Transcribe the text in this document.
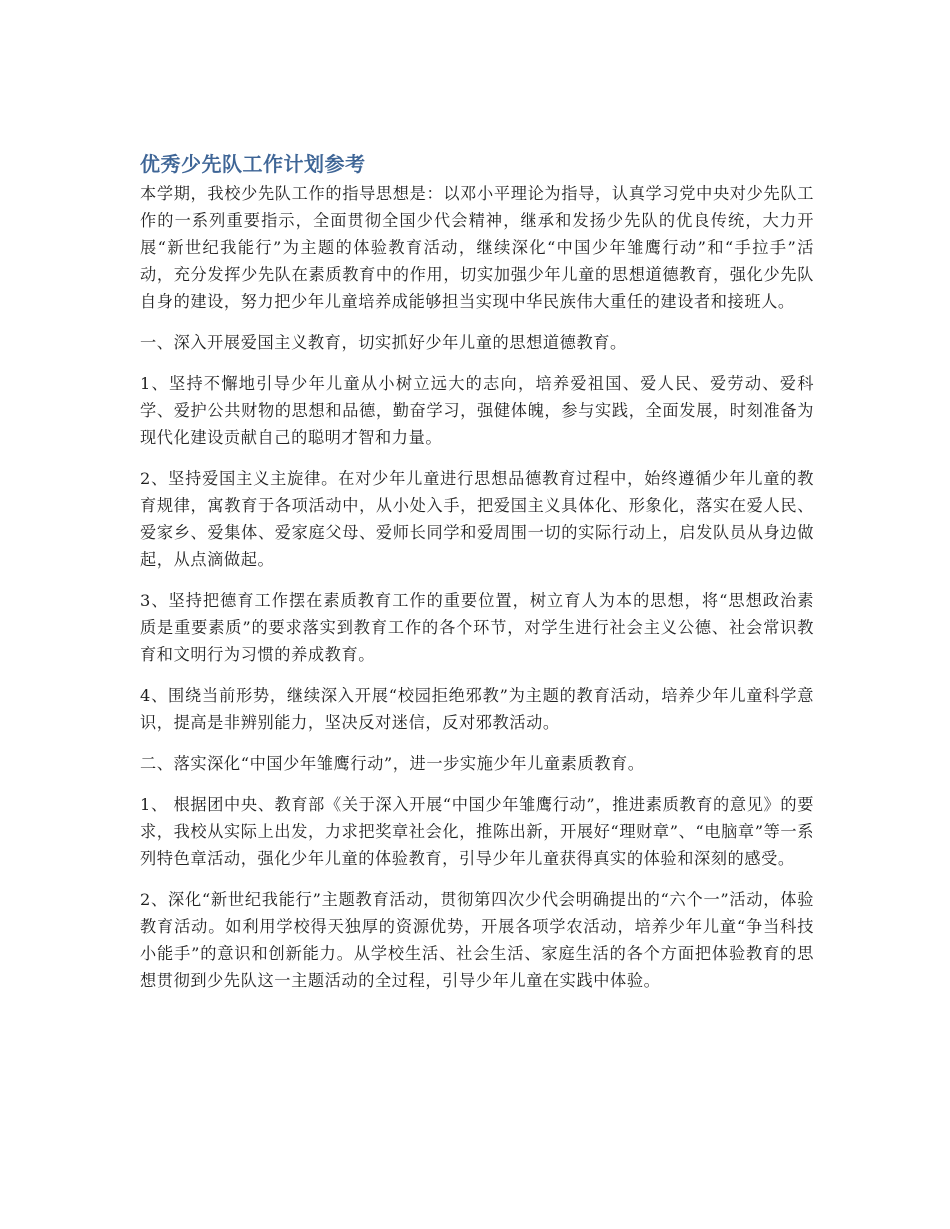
优秀少先队工作计划参考

本学期，我校少先队工作的指导思想是：以邓小平理论为指导，认真学习党中央对少先队工作的一系列重要指示，全面贯彻全国少代会精神，继承和发扬少先队的优良传统，大力开展“新世纪我能行”为主题的体验教育活动，继续深化“中国少年雏鹰行动”和“手拉手”活动，充分发挥少先队在素质教育中的作用，切实加强少年儿童的思想道德教育，强化少先队自身的建设，努力把少年儿童培养成能够担当实现中华民族伟大重任的建设者和接班人。

一、深入开展爱国主义教育，切实抓好少年儿童的思想道德教育。

1、坚持不懈地引导少年儿童从小树立远大的志向，培养爱祖国、爱人民、爱劳动、爱科学、爱护公共财物的思想和品德，勤奋学习，强健体魄，参与实践，全面发展，时刻准备为现代化建设贡献自己的聪明才智和力量。

2、坚持爱国主义主旋律。在对少年儿童进行思想品德教育过程中，始终遵循少年儿童的教育规律，寓教育于各项活动中，从小处入手，把爱国主义具体化、形象化，落实在爱人民、爱家乡、爱集体、爱家庭父母、爱师长同学和爱周围一切的实际行动上，启发队员从身边做起，从点滴做起。

3、坚持把德育工作摆在素质教育工作的重要位置，树立育人为本的思想，将“思想政治素质是重要素质”的要求落实到教育工作的各个环节，对学生进行社会主义公德、社会常识教育和文明行为习惯的养成教育。

4、围绕当前形势，继续深入开展“校园拒绝邪教”为主题的教育活动，培养少年儿童科学意识，提高是非辨别能力，坚决反对迷信，反对邪教活动。

二、落实深化“中国少年雏鹰行动”，进一步实施少年儿童素质教育。

1、 根据团中央、教育部《关于深入开展“中国少年雏鹰行动”，推进素质教育的意见》的要求，我校从实际上出发，力求把奖章社会化，推陈出新，开展好“理财章”、“电脑章”等一系列特色章活动，强化少年儿童的体验教育，引导少年儿童获得真实的体验和深刻的感受。

2、深化“新世纪我能行”主题教育活动，贯彻第四次少代会明确提出的“六个一”活动，体验教育活动。如利用学校得天独厚的资源优势，开展各项学农活动，培养少年儿童“争当科技小能手”的意识和创新能力。从学校生活、社会生活、家庭生活的各个方面把体验教育的思想贯彻到少先队这一主题活动的全过程，引导少年儿童在实践中体验。
